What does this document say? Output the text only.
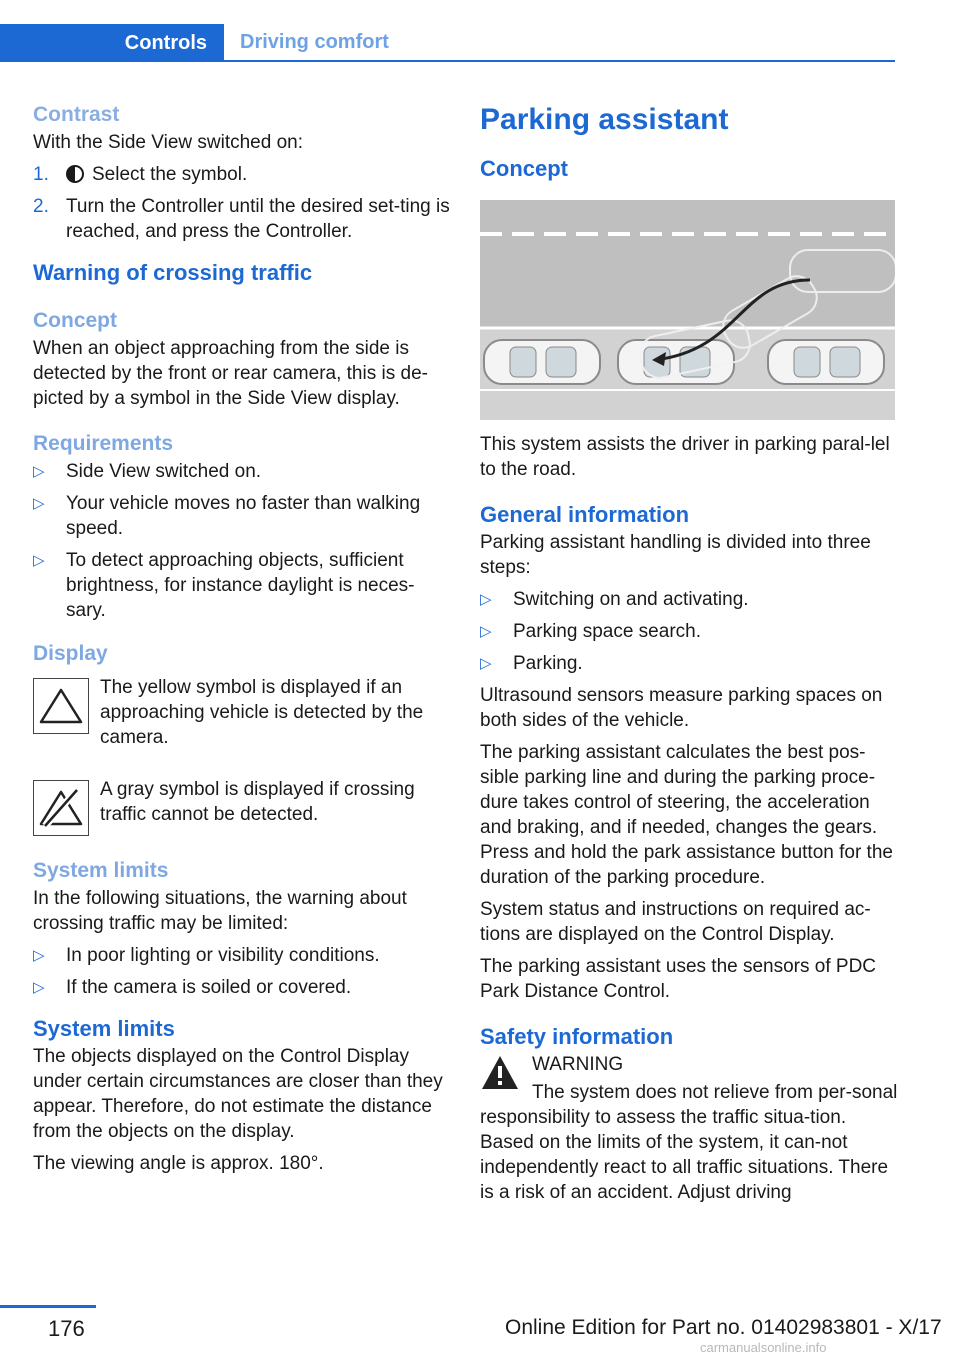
Controls	Driving comfort
Contrast

With the Side View switched on:

1.	Select the symbol.
2. Turn the Controller until the desired set‐ting is reached, and press the Controller.
Warning of crossing traffic
Concept

When an object approaching from the side is detected by the front or rear camera, this is de‐picted by a symbol in the Side View display.

Requirements
▷	Side View switched on.
▷	Your vehicle moves no faster than walking speed.
▷	To detect approaching objects, sufficient brightness, for instance daylight is neces‐sary.
Display

The yellow symbol is displayed if an approaching vehicle is detected by the camera.

A gray symbol is displayed if crossing traffic cannot be detected.

System limits

In the following situations, the warning about crossing traffic may be limited:

▷	In poor lighting or visibility conditions.
▷	If the camera is soiled or covered.
System limits

The objects displayed on the Control Display under certain circumstances are closer than they appear. Therefore, do not estimate the distance from the objects on the display.

The viewing angle is approx. 180°.

Parking assistant
Concept

This system assists the driver in parking paral‐lel to the road.

General information

Parking assistant handling is divided into three steps:

▷	Switching on and activating.
▷	Parking space search.
▷	Parking.

Ultrasound sensors measure parking spaces on both sides of the vehicle.

The parking assistant calculates the best pos‐sible parking line and during the parking proce‐dure takes control of steering, the acceleration and braking, and if needed, changes the gears. Press and hold the park assistance button for the duration of the parking procedure.

System status and instructions on required ac‐tions are displayed on the Control Display.

The parking assistant uses the sensors of PDC Park Distance Control.

Safety information

WARNING

The system does not relieve from per‐sonal responsibility to assess the traffic situa‐tion. Based on the limits of the system, it can‐not independently react to all traffic situations. There is a risk of an accident. Adjust driving

176	Online Edition for Part no. 01402983801 - X/17
carmanualsonline.info
